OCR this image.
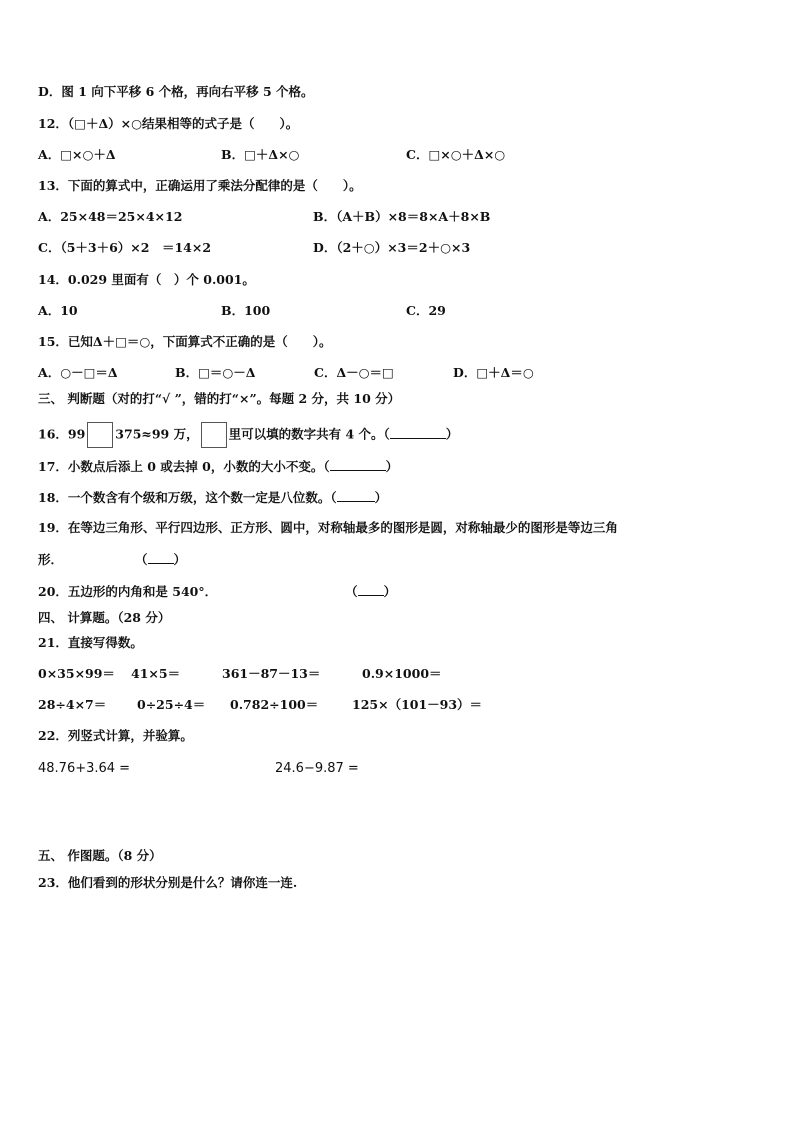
D．图 1 向下平移 6 个格，再向右平移 5 个格。
12．（□＋Δ）×○结果相等的式子是（　　）。
A．□×○＋Δ	B．□＋Δ×○	C．□×○＋Δ×○
13．下面的算式中，正确运用了乘法分配律的是（　　）。
A．25×48＝25×4×12	B．（A＋B）×8＝8×A＋8×B
C．（5＋3＋6）×2　＝14×2	D．（2＋○）×3＝2＋○×3
14．0.029 里面有（　）个 0.001。
A．10	B．100	C．29
15．已知Δ＋□＝○，下面算式不正确的是（　　）。
A．○－□＝Δ	B．□＝○－Δ	C．Δ－○＝□	D．□＋Δ＝○
三、 判断题（对的打“√ ”，错的打“×”。每题 2 分，共 10 分）
16．99 375≈99 万， 里可以填的数字共有 4 个。（	）
17．小数点后添上 0 或去掉 0，小数的大小不变。（	）
18．一个数含有个级和万级，这个数一定是八位数。（	）
19．在等边三角形、平行四边形、正方形、圆中，对称轴最多的图形是圆，对称轴最少的图形是等边三角
形．	（ ）
20．五边形的内角和是 540°．	（ ）
四、 计算题。（28 分）
21．直接写得数。
0×35×99＝ 41×5＝	361－87－13＝	0.9×1000＝
28÷4×7＝ 0÷25÷4＝ 0.782÷100＝	125×（101－93）＝
22．列竖式计算，并验算。
48.76+3.64 =	24.6−9.87 =
五、 作图题。（8 分）
23．他们看到的形状分别是什么？请你连一连.
